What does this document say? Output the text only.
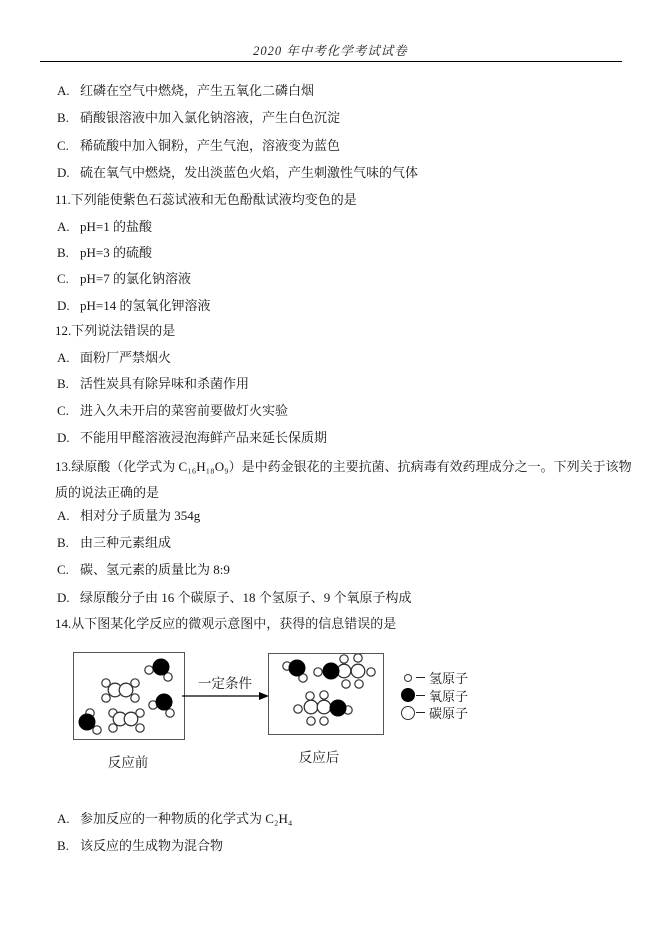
2020 年中考化学考试试卷
A. 红磷在空气中燃烧，产生五氧化二磷白烟
B. 硝酸银溶液中加入氯化钠溶液，产生白色沉淀
C. 稀硫酸中加入铜粉，产生气泡，溶液变为蓝色
D. 硫在氧气中燃烧，发出淡蓝色火焰，产生刺激性气味的气体
11.下列能使紫色石蕊试液和无色酚酞试液均变色的是
A. pH=1 的盐酸
B. pH=3 的硫酸
C. pH=7 的氯化钠溶液
D. pH=14 的氢氧化钾溶液
12.下列说法错误的是
A. 面粉厂严禁烟火
B. 活性炭具有除异味和杀菌作用
C. 进入久未开启的菜窖前要做灯火实验
D. 不能用甲醛溶液浸泡海鲜产品来延长保质期
13.绿原酸（化学式为 C₁₆H₁₈O₉）是中药金银花的主要抗菌、抗病毒有效药理成分之一。下列关于该物质的说法正确的是
A. 相对分子质量为 354g
B. 由三种元素组成
C. 碳、氢元素的质量比为 8:9
D. 绿原酸分子由 16 个碳原子、18 个氢原子、9 个氧原子构成
14.从下图某化学反应的微观示意图中，获得的信息错误的是
一定条件
反应前	反应后
氢原子
氧原子
碳原子
A. 参加反应的一种物质的化学式为 C₂H₄
B. 该反应的生成物为混合物
